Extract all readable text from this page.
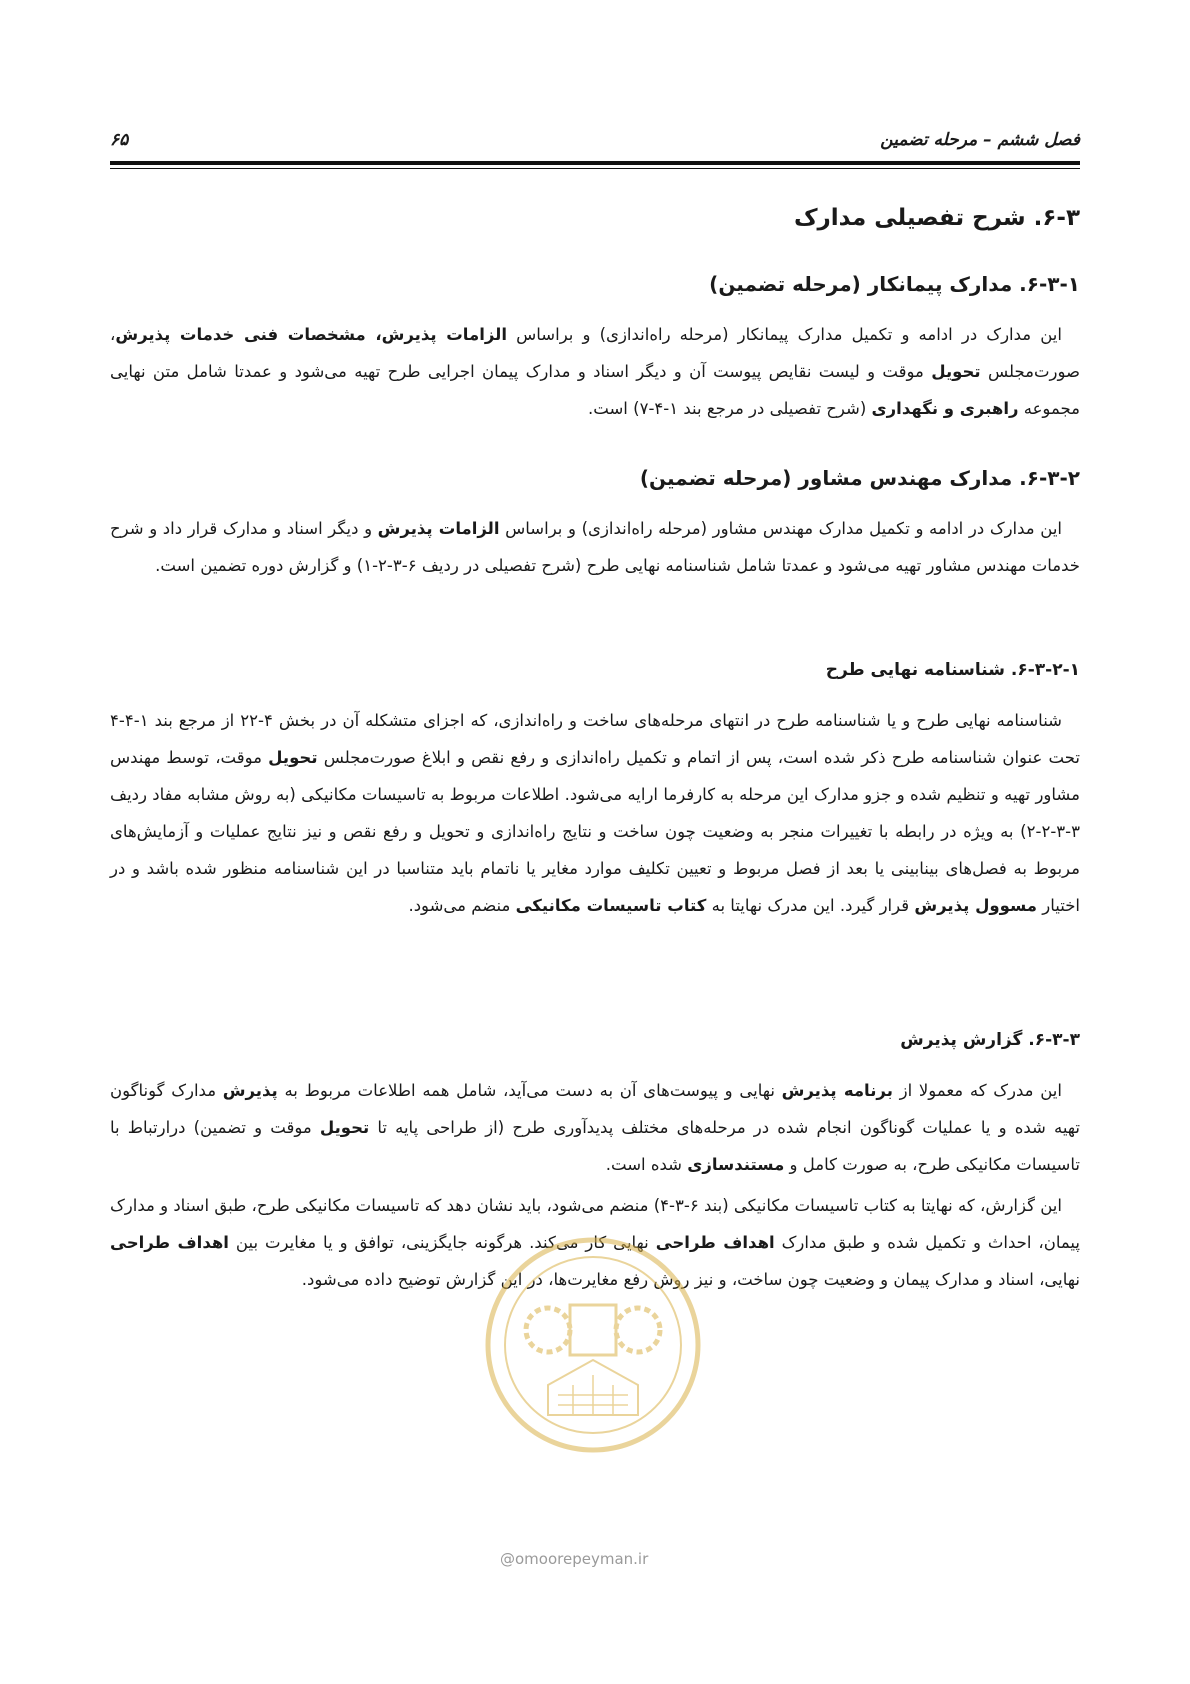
۶۵	فصل ششم – مرحله تضمین
۶-۳. شرح تفصیلی مدارک
۶-۳-۱. مدارک پیمانکار (مرحله تضمین)
این مدارک در ادامه و تکمیل مدارک پیمانکار (مرحله راه‌اندازی) و براساس الزامات پذیرش، مشخصات فنی خدمات پذیرش، صورت‌مجلس تحویل موقت و لیست نقایص پیوست آن و دیگر اسناد و مدارک پیمان اجرایی طرح تهیه می‌شود و عمدتا شامل متن نهایی مجموعه راهبری و نگهداری (شرح تفصیلی در مرجع بند ۱-۴-۷) است.
۶-۳-۲. مدارک مهندس مشاور (مرحله تضمین)
این مدارک در ادامه و تکمیل مدارک مهندس مشاور (مرحله راه‌اندازی) و براساس الزامات پذیرش و دیگر اسناد و مدارک قرار داد و شرح خدمات مهندس مشاور تهیه می‌شود و عمدتا شامل شناسنامه نهایی طرح (شرح تفصیلی در ردیف ۶-۳-۲-۱) و گزارش دوره تضمین است.
۶-۳-۲-۱. شناسنامه نهایی طرح
شناسنامه نهایی طرح و یا شناسنامه طرح در انتهای مرحله‌های ساخت و راه‌اندازی، که اجزای متشکله آن در بخش ۴-۲۲ از مرجع بند ۱-۴-۴ تحت عنوان شناسنامه طرح ذکر شده است، پس از اتمام و تکمیل راه‌اندازی و رفع نقص و ابلاغ صورت‌مجلس تحویل موقت، توسط مهندس مشاور تهیه و تنظیم شده و جزو مدارک این مرحله به کارفرما ارایه می‌شود. اطلاعات مربوط به تاسیسات مکانیکی (به روش مشابه مفاد ردیف ۳-۳-۲-۲) به ویژه در رابطه با تغییرات منجر به وضعیت چون ساخت و نتایج راه‌اندازی و تحویل و رفع نقص و نیز نتایج عملیات و آزمایش‌های مربوط به فصل‌های بینابینی یا بعد از فصل مربوط و تعیین تکلیف موارد مغایر یا ناتمام باید متناسبا در این شناسنامه منظور شده باشد و در اختیار مسوول پذیرش قرار گیرد. این مدرک نهایتا به کتاب تاسیسات مکانیکی منضم می‌شود.
۶-۳-۳. گزارش پذیرش
این مدرک که معمولا از برنامه پذیرش نهایی و پیوست‌های آن به دست می‌آید، شامل همه اطلاعات مربوط به پذیرش مدارک گوناگون تهیه شده و یا عملیات گوناگون انجام شده در مرحله‌های مختلف پدیدآوری طرح (از طراحی پایه تا تحویل موقت و تضمین) درارتباط با تاسیسات مکانیکی طرح، به صورت کامل و مستندسازی شده است.
این گزارش، که نهایتا به کتاب تاسیسات مکانیکی (بند ۶-۳-۴) منضم می‌شود، باید نشان دهد که تاسیسات مکانیکی طرح، طبق اسناد و مدارک پیمان، احداث و تکمیل شده و طبق مدارک اهداف طراحی نهایی کار می‌کند. هرگونه جایگزینی، توافق و یا مغایرت بین اهداف طراحی نهایی، اسناد و مدارک پیمان و وضعیت چون ساخت، و نیز روش رفع مغایرت‌ها، در این گزارش توضیح داده می‌شود.
@omoorepeyman.ir
